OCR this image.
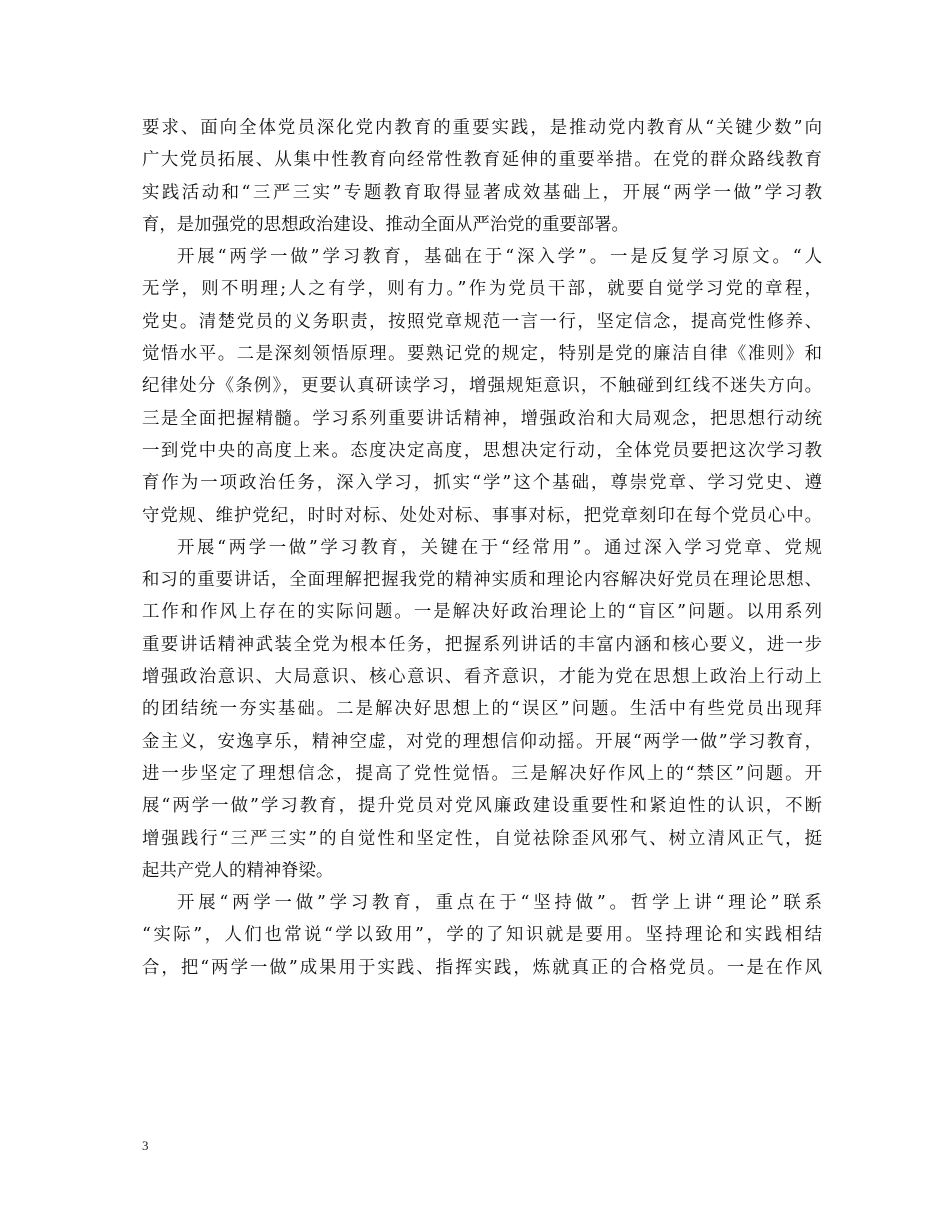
要求、面向全体党员深化党内教育的重要实践，是推动党内教育从“关键少数”向
广大党员拓展、从集中性教育向经常性教育延伸的重要举措。在党的群众路线教育
实践活动和“三严三实”专题教育取得显著成效基础上，开展“两学一做”学习教
育，是加强党的思想政治建设、推动全面从严治党的重要部署。
开展“两学一做”学习教育，基础在于“深入学”。一是反复学习原文。“人
无学，则不明理;人之有学，则有力。”作为党员干部，就要自觉学习党的章程，
党史。清楚党员的义务职责，按照党章规范一言一行，坚定信念，提高党性修养、
觉悟水平。二是深刻领悟原理。要熟记党的规定，特别是党的廉洁自律《准则》和
纪律处分《条例》，更要认真研读学习，增强规矩意识，不触碰到红线不迷失方向。
三是全面把握精髓。学习系列重要讲话精神，增强政治和大局观念，把思想行动统
一到党中央的高度上来。态度决定高度，思想决定行动，全体党员要把这次学习教
育作为一项政治任务，深入学习，抓实“学”这个基础，尊崇党章、学习党史、遵
守党规、维护党纪，时时对标、处处对标、事事对标，把党章刻印在每个党员心中。
开展“两学一做”学习教育，关键在于“经常用”。通过深入学习党章、党规
和习的重要讲话，全面理解把握我党的精神实质和理论内容解决好党员在理论思想、
工作和作风上存在的实际问题。一是解决好政治理论上的“盲区”问题。以用系列
重要讲话精神武装全党为根本任务，把握系列讲话的丰富内涵和核心要义，进一步
增强政治意识、大局意识、核心意识、看齐意识，才能为党在思想上政治上行动上
的团结统一夯实基础。二是解决好思想上的“误区”问题。生活中有些党员出现拜
金主义，安逸享乐，精神空虚，对党的理想信仰动摇。开展“两学一做”学习教育，
进一步坚定了理想信念，提高了党性觉悟。三是解决好作风上的“禁区”问题。开
展“两学一做”学习教育，提升党员对党风廉政建设重要性和紧迫性的认识，不断
增强践行“三严三实”的自觉性和坚定性，自觉祛除歪风邪气、树立清风正气，挺
起共产党人的精神脊梁。
开展“两学一做”学习教育，重点在于“坚持做”。哲学上讲“理论”联系
“实际”，人们也常说“学以致用”，学的了知识就是要用。坚持理论和实践相结
合，把“两学一做”成果用于实践、指挥实践，炼就真正的合格党员。一是在作风
3
